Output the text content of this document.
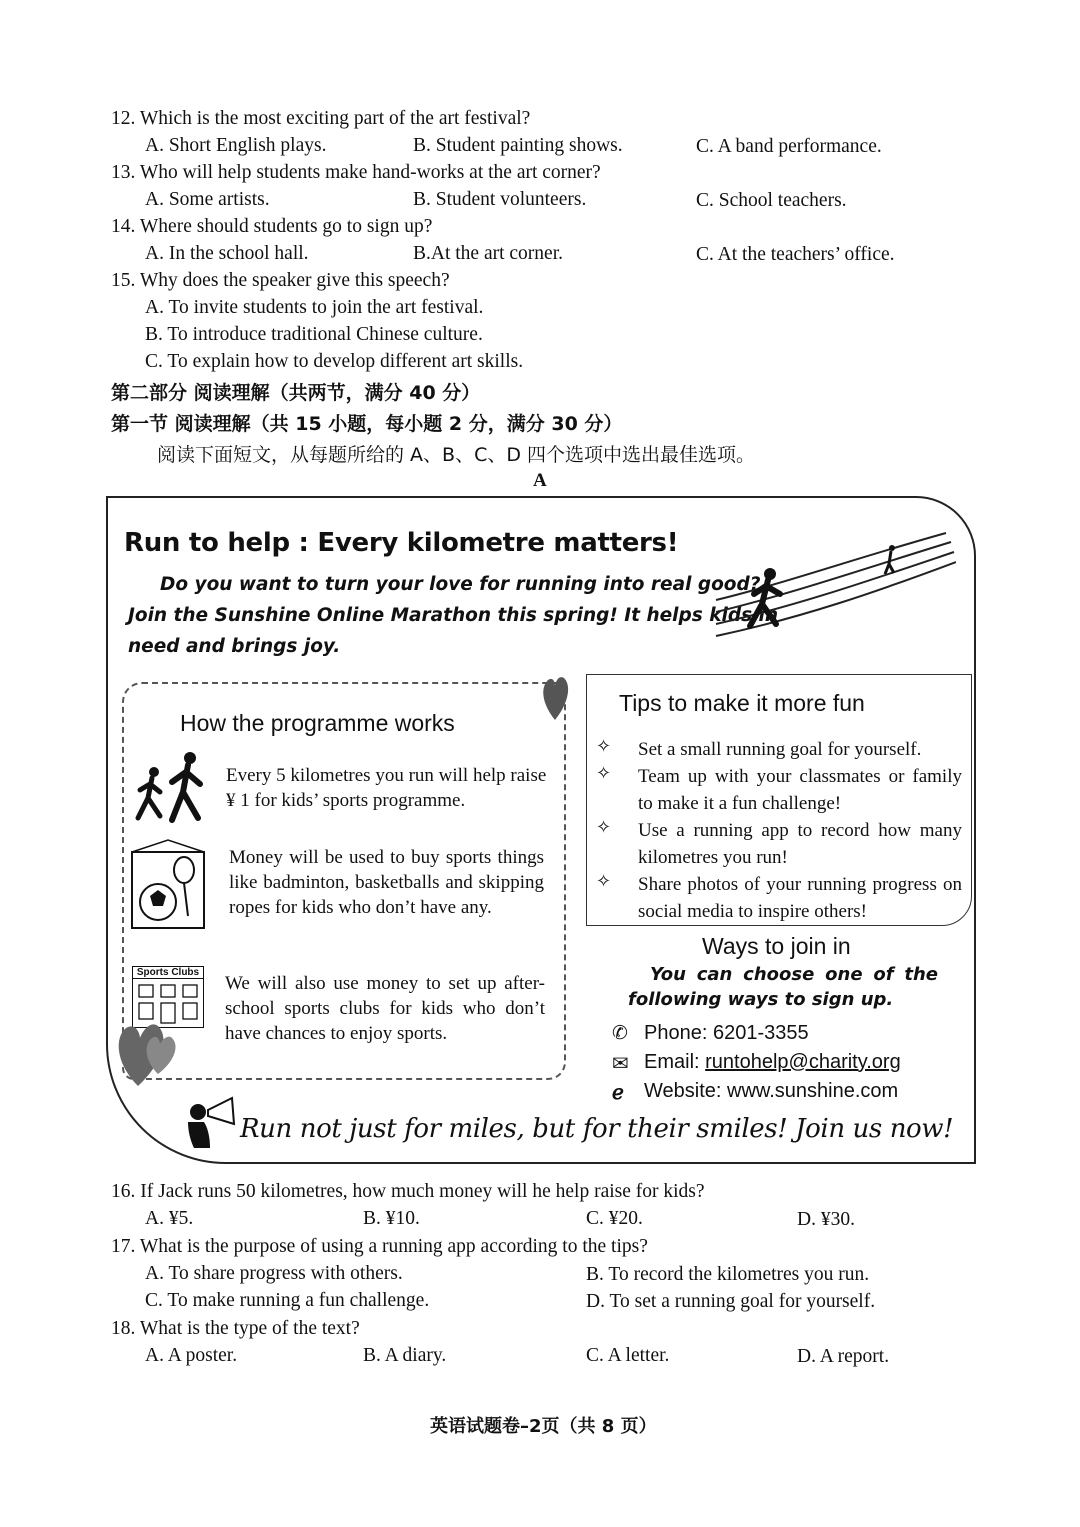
12. Which is the most exciting part of the art festival?
A. Short English plays.	B. Student painting shows.	C. A band performance.
13. Who will help students make hand-works at the art corner?
A. Some artists.	B. Student volunteers.	C. School teachers.
14. Where should students go to sign up?
A. In the school hall.	B.At the art corner.	C. At the teachers’ office.
15. Why does the speaker give this speech?
A. To invite students to join the art festival.
B. To introduce traditional Chinese culture.
C. To explain how to develop different art skills.
第二部分 阅读理解（共两节，满分 40 分）
第一节 阅读理解（共 15 小题，每小题 2 分，满分 30 分）
阅读下面短文，从每题所给的 A、B、C、D 四个选项中选出最佳选项。
A
Run to help : Every kilometre matters!
Do you want to turn your love for running into real good?
Join the Sunshine Online Marathon this spring! It helps kids in
need and brings joy.
How the programme works
Every 5 kilometres you run will help raise ¥ 1 for kids’ sports programme.
Money will be used to buy sports things like badminton, basketballs and skipping ropes for kids who don’t have any.
Sports Clubs
We will also use money to set up after-school sports clubs for kids who don’t have chances to enjoy sports.
Tips to make it more fun
✧ Set a small running goal for yourself.
✧ Team up with your classmates or family to make it a fun challenge!
✧ Use a running app to record how many kilometres you run!
✧ Share photos of your running progress on social media to inspire others!
Ways to join in
You can choose one of the
following ways to sign up.
✆ Phone: 6201-3355
✉ Email: runtohelp@charity.org
ℯ Website: www.sunshine.com
Run not just for miles, but for their smiles! Join us now!
16. If Jack runs 50 kilometres, how much money will he help raise for kids?
A. ¥5.	B. ¥10.	C. ¥20.	D. ¥30.
17. What is the purpose of using a running app according to the tips?
A. To share progress with others.	B. To record the kilometres you run.
C. To make running a fun challenge.	D. To set a running goal for yourself.
18. What is the type of the text?
A. A poster.	B. A diary.	C. A letter.	D. A report.
英语试题卷–2页（共 8 页）
